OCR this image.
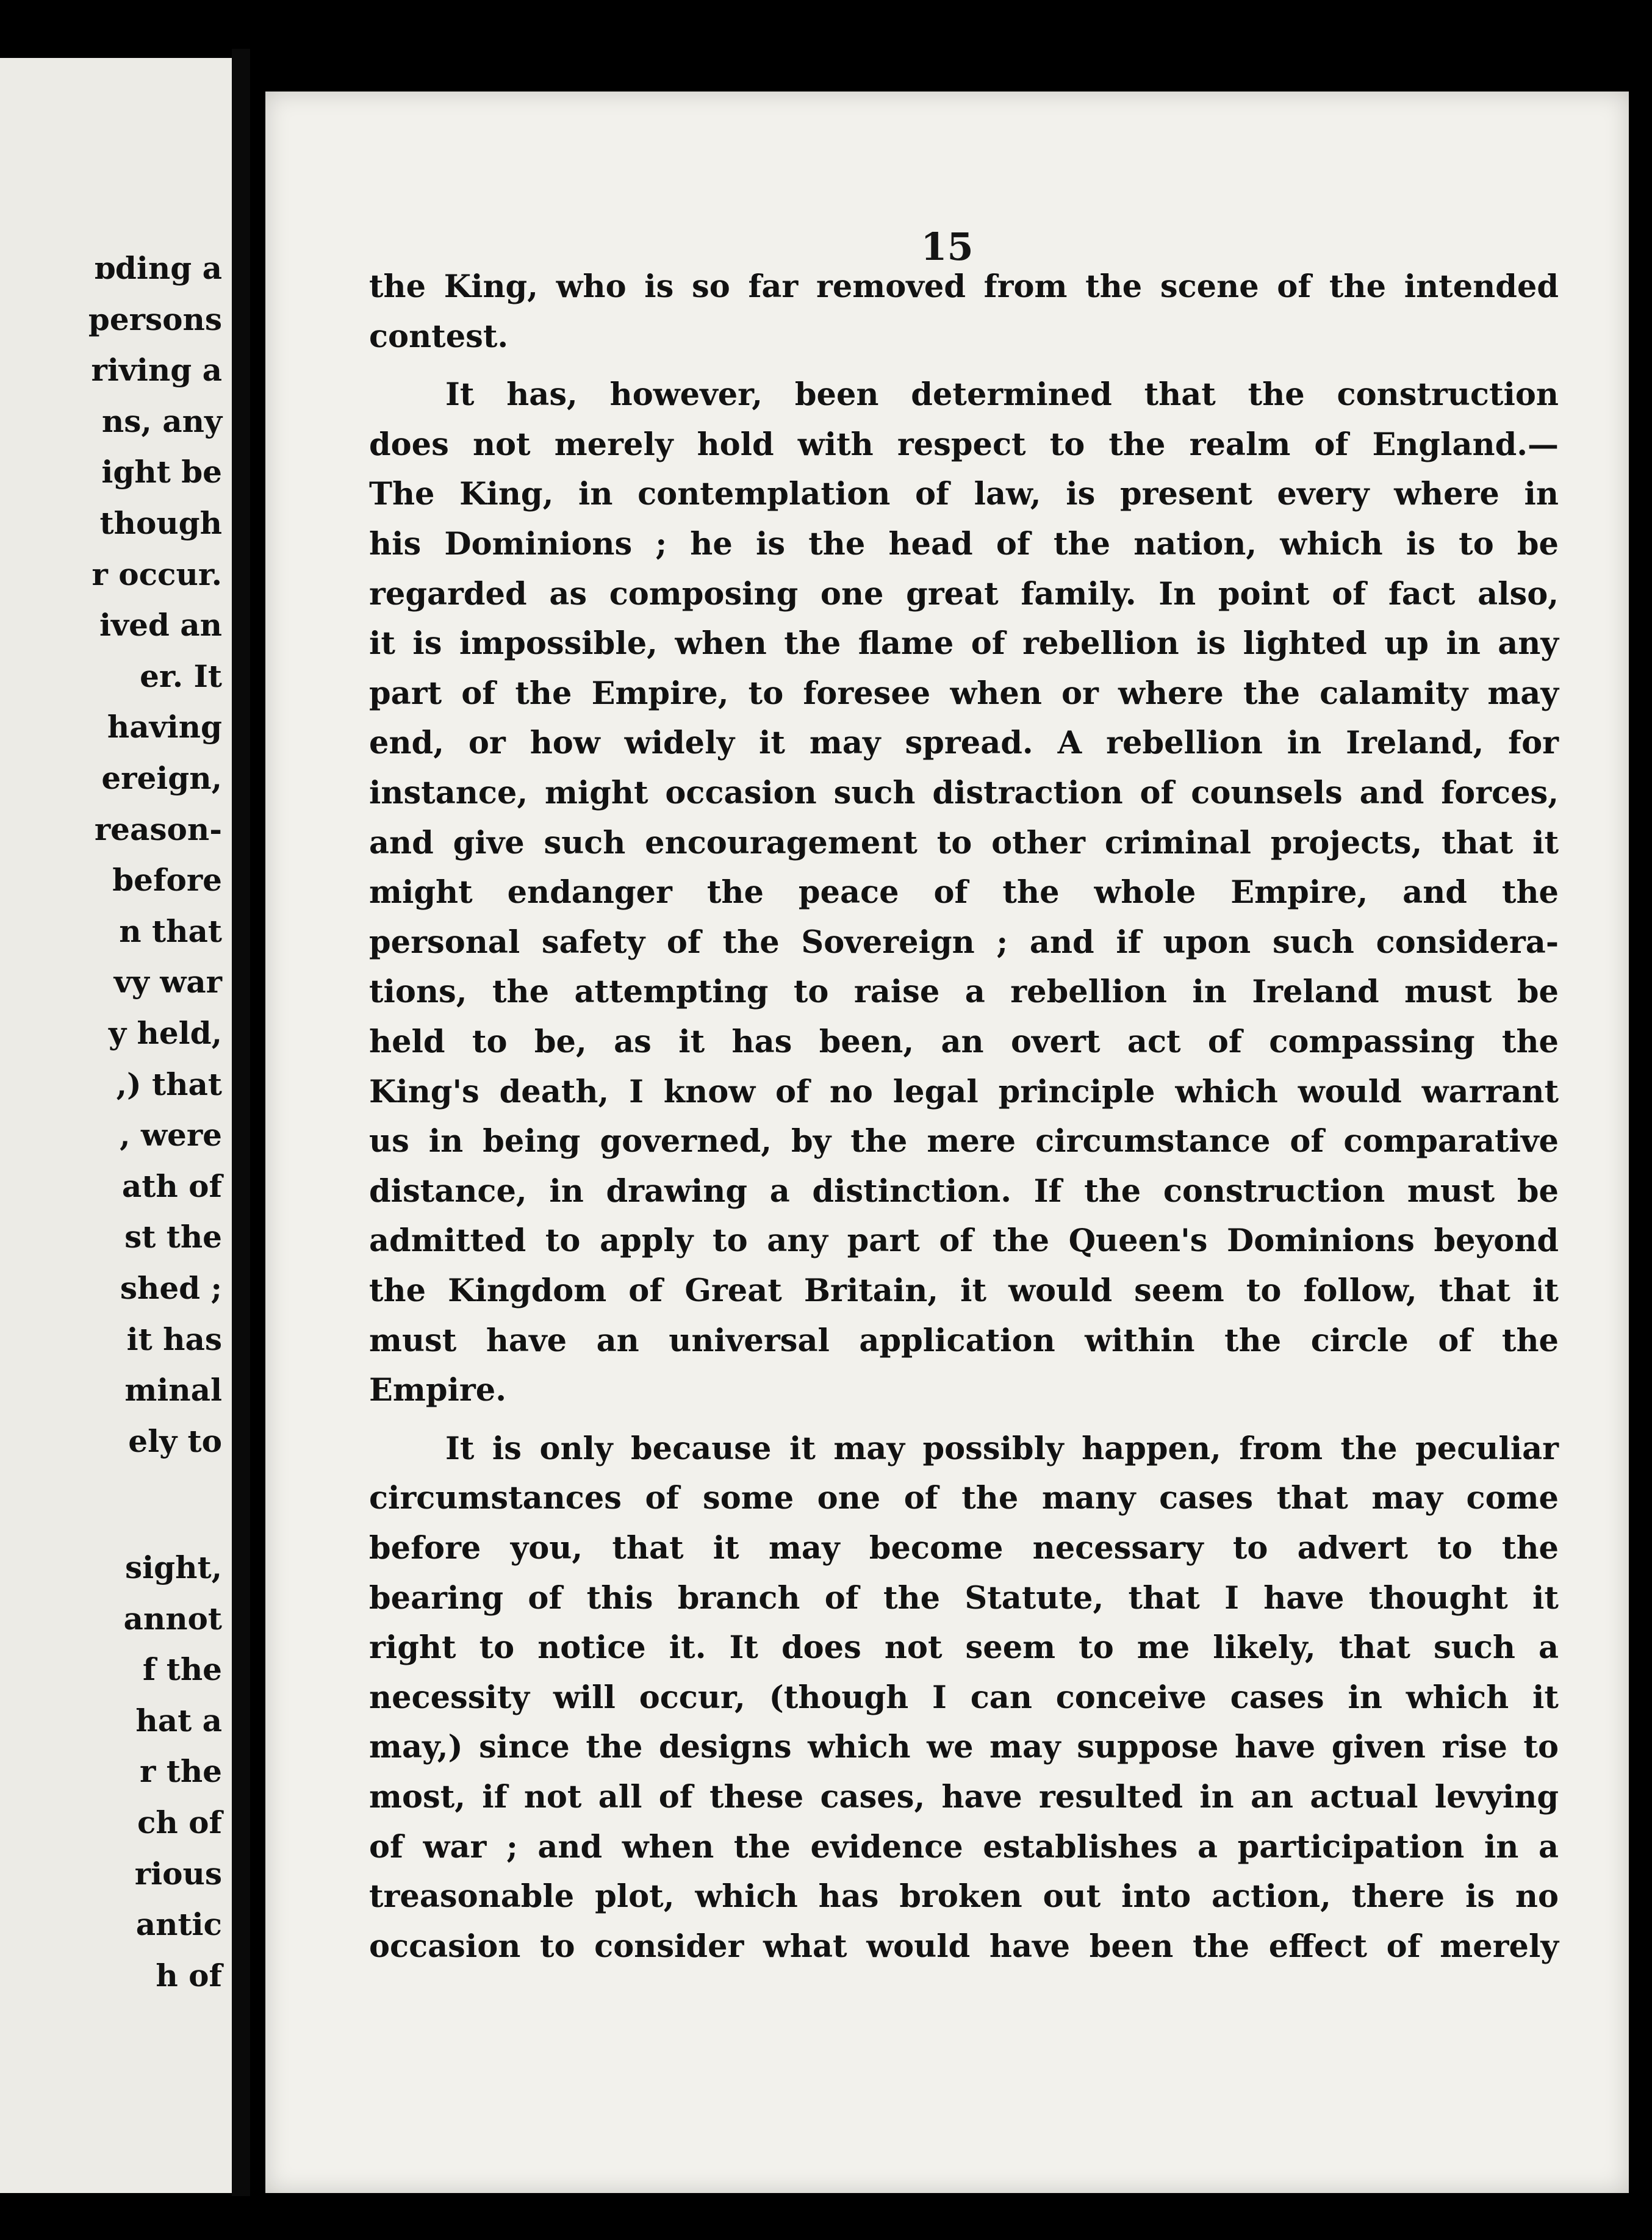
ɒding a
persons
riving a
ns, any
ight be
though
r occur.
ived an
er. It
having
ereign,
reason-
before
n that
vy war
y held,
,) that
, were
ath of
st the
shed ;
it has
minal
ely to
sight,
annot
f the
hat a
r the
ch of
rious
antic
h of
15
the King, who is so far removed from the scene of the intended
contest.
It has, however, been determined that the construction
does not merely hold with respect to the realm of England.—
The King, in contemplation of law, is present every where in
his Dominions ; he is the head of the nation, which is to be
regarded as composing one great family. In point of fact also,
it is impossible, when the flame of rebellion is lighted up in any
part of the Empire, to foresee when or where the calamity may
end, or how widely it may spread. A rebellion in Ireland, for
instance, might occasion such distraction of counsels and forces,
and give such encouragement to other criminal projects, that it
might endanger the peace of the whole Empire, and the
personal safety of the Sovereign ; and if upon such considera-
tions, the attempting to raise a rebellion in Ireland must be
held to be, as it has been, an overt act of compassing the
King's death, I know of no legal principle which would warrant
us in being governed, by the mere circumstance of comparative
distance, in drawing a distinction. If the construction must be
admitted to apply to any part of the Queen's Dominions beyond
the Kingdom of Great Britain, it would seem to follow, that it
must have an universal application within the circle of the
Empire.
It is only because it may possibly happen, from the peculiar
circumstances of some one of the many cases that may come
before you, that it may become necessary to advert to the
bearing of this branch of the Statute, that I have thought it
right to notice it. It does not seem to me likely, that such a
necessity will occur, (though I can conceive cases in which it
may,) since the designs which we may suppose have given rise to
most, if not all of these cases, have resulted in an actual levying
of war ; and when the evidence establishes a participation in a
treasonable plot, which has broken out into action, there is no
occasion to consider what would have been the effect of merely
